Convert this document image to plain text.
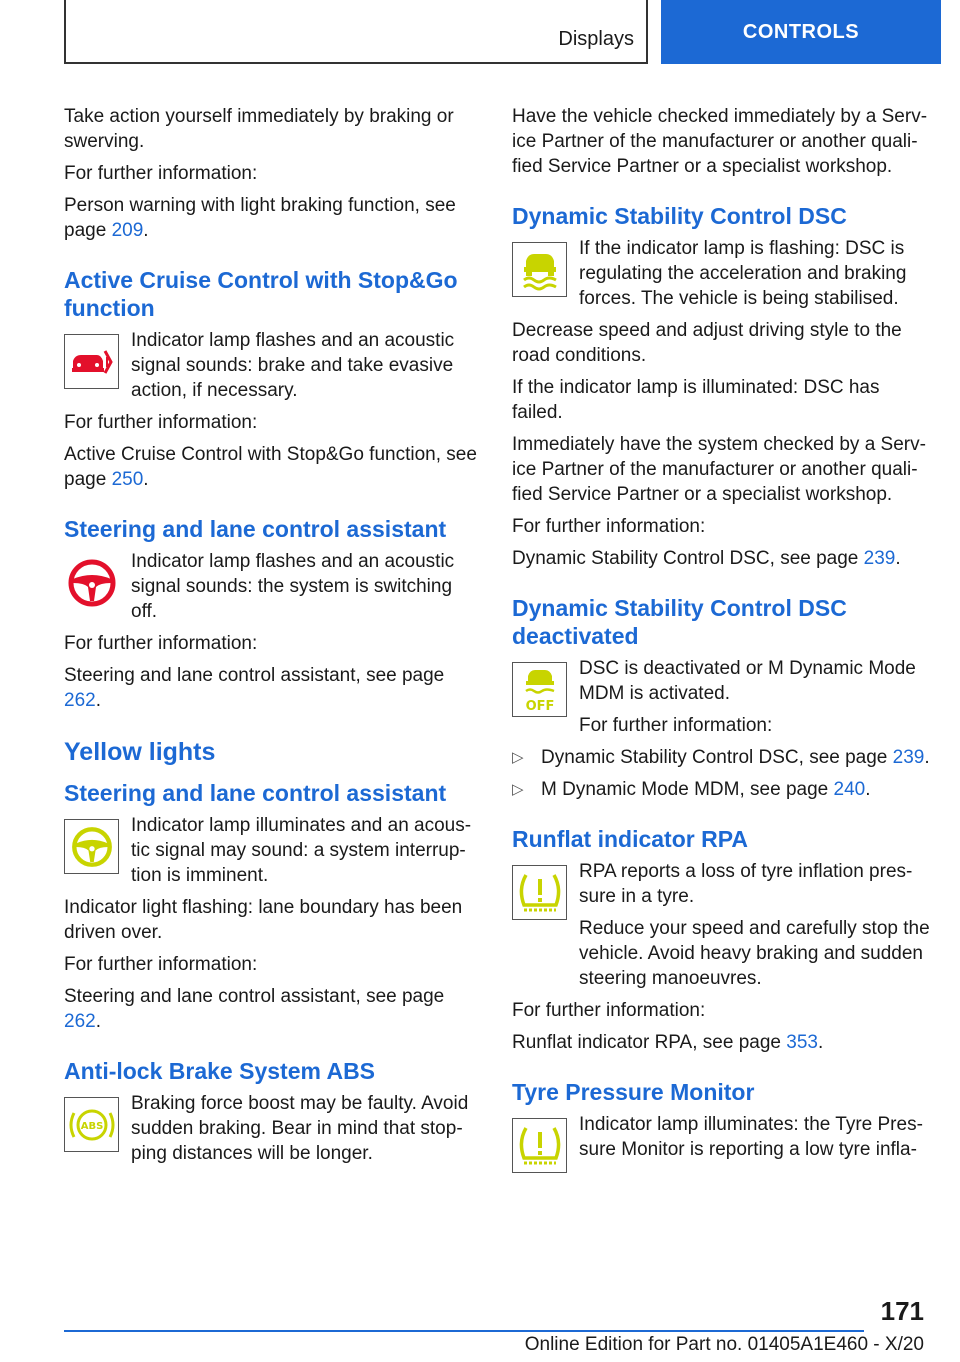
Displays	CONTROLS

Take action yourself immediately by braking or swerving.

For further information:

Person warning with light braking function, see page 209.

Active Cruise Control with Stop&Go function

Indicator lamp flashes and an acoustic signal sounds: brake and take evasive action, if necessary.

For further information:

Active Cruise Control with Stop&Go function, see page 250.

Steering and lane control assistant

Indicator lamp flashes and an acoustic signal sounds: the system is switching off.

For further information:

Steering and lane control assistant, see page 262.

Yellow lights
Steering and lane control assistant

Indicator lamp illuminates and an acoustic signal may sound: a system interruption is imminent.

Indicator light flashing: lane boundary has been driven over.

For further information:

Steering and lane control assistant, see page 262.

Anti-lock Brake System ABS
ABS

Braking force boost may be faulty. Avoid sudden braking. Bear in mind that stopping distances will be longer.

Have the vehicle checked immediately by a Service Partner of the manufacturer or another qualified Service Partner or a specialist workshop.

Dynamic Stability Control DSC

If the indicator lamp is flashing: DSC is regulating the acceleration and braking forces. The vehicle is being stabilised.

Decrease speed and adjust driving style to the road conditions.

If the indicator lamp is illuminated: DSC has failed.

Immediately have the system checked by a Service Partner of the manufacturer or another qualified Service Partner or a specialist workshop.

For further information:

Dynamic Stability Control DSC, see page 239.

Dynamic Stability Control DSC deactivated
OFF

DSC is deactivated or M Dynamic Mode MDM is activated.

For further information:

▷ Dynamic Stability Control DSC, see page 239.

▷ M Dynamic Mode MDM, see page 240.

Runflat indicator RPA

RPA reports a loss of tyre inflation pressure in a tyre.

Reduce your speed and carefully stop the vehicle. Avoid heavy braking and sudden steering manoeuvres.

For further information:

Runflat indicator RPA, see page 353.

Tyre Pressure Monitor

Indicator lamp illuminates: the Tyre Pressure Monitor is reporting a low tyre infla-

171
Online Edition for Part no. 01405A1E460 - X/20
